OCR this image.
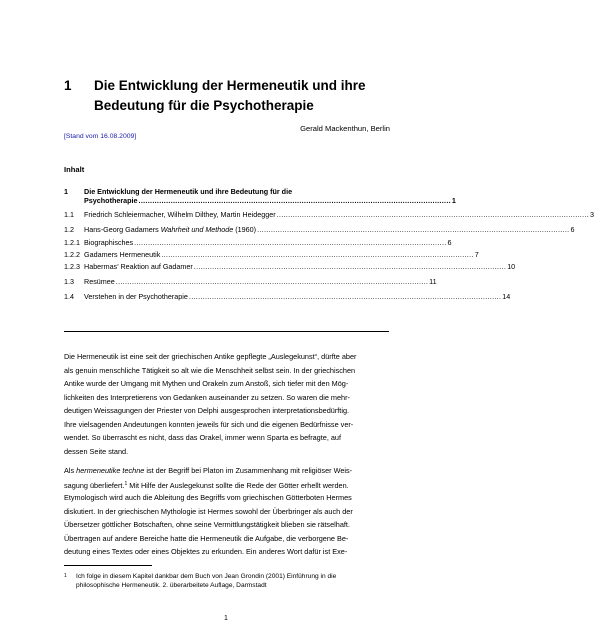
1 Die Entwicklung der Hermeneutik und ihre
Bedeutung für die Psychotherapie
Gerald Mackenthun, Berlin
[Stand vom 16.08.2009]
Inhalt
1 Die Entwicklung der Hermeneutik und ihre Bedeutung für die
Psychotherapie ........................................................................................................................................ 1
1.1 Friedrich Schleiermacher, Wilhelm Dilthey, Martin Heidegger ........................................................................................................................................ 3
1.2 Hans-Georg Gadamers Wahrheit und Methode (1960) ........................................................................................................................................ 6
1.2.1 Biographisches ........................................................................................................................................ 6
1.2.2 Gadamers Hermeneutik ........................................................................................................................................ 7
1.2.3 Habermas’ Reaktion auf Gadamer ........................................................................................................................................ 10
1.3 Resümee ........................................................................................................................................ 11
1.4 Verstehen in der Psychotherapie ........................................................................................................................................ 14
Die Hermeneutik ist eine seit der griechischen Antike gepflegte „Auslegekunst“, dürfte aber
als genuin menschliche Tätigkeit so alt wie die Menschheit selbst sein. In der griechischen
Antike wurde der Umgang mit Mythen und Orakeln zum Anstoß, sich tiefer mit den Mög-
lichkeiten des Interpretierens von Gedanken auseinander zu setzen. So waren die mehr-
deutigen Weissagungen der Priester von Delphi ausgesprochen interpretationsbedürftig.
Ihre vielsagenden Andeutungen konnten jeweils für sich und die eigenen Bedürfnisse ver-
wendet. So überrascht es nicht, dass das Orakel, immer wenn Sparta es befragte, auf
dessen Seite stand.
Als hermeneutike techne ist der Begriff bei Platon im Zusammenhang mit religiöser Weis-
sagung überliefert.$^1$ Mit Hilfe der Auslegekunst sollte die Rede der Götter erhellt werden.
Etymologisch wird auch die Ableitung des Begriffs vom griechischen Götterboten Hermes
diskutiert. In der griechischen Mythologie ist Hermes sowohl der Überbringer als auch der
Übersetzer göttlicher Botschaften, ohne seine Vermittlungstätigkeit blieben sie rätselhaft.
Übertragen auf andere Bereiche hatte die Hermeneutik die Aufgabe, die verborgene Be-
deutung eines Textes oder eines Objektes zu erkunden. Ein anderes Wort dafür ist Exe-
1 Ich folge in diesem Kapitel dankbar dem Buch von Jean Grondin (2001) Einführung in die
philosophische Hermeneutik. 2. überarbeitete Auflage, Darmstadt
1
